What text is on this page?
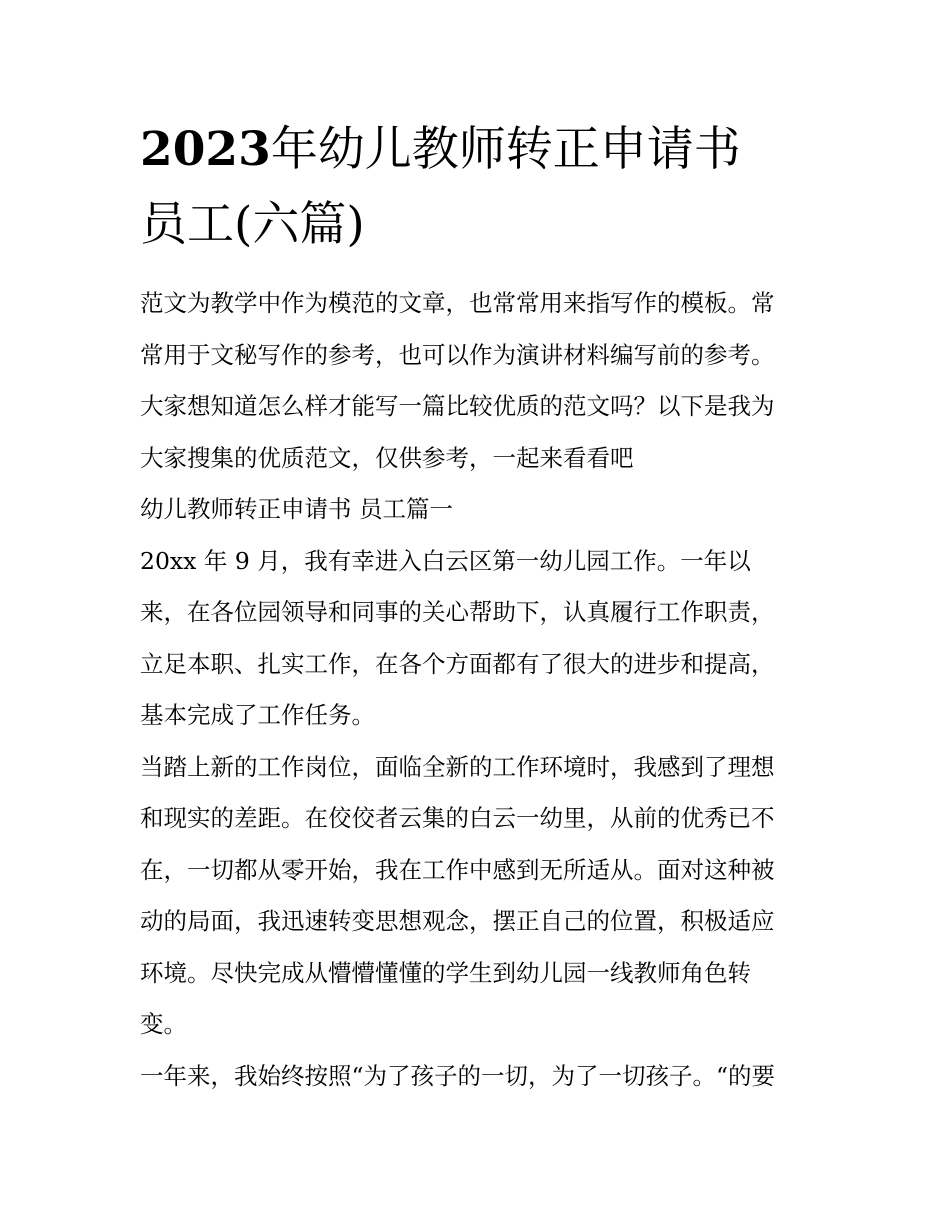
2023年幼儿教师转正申请书
员工(六篇)

范文为教学中作为模范的文章，也常常用来指写作的模板。常
常用于文秘写作的参考，也可以作为演讲材料编写前的参考。
大家想知道怎么样才能写一篇比较优质的范文吗？以下是我为
大家搜集的优质范文，仅供参考，一起来看看吧

幼儿教师转正申请书 员工篇一

20xx 年 9 月，我有幸进入白云区第一幼儿园工作。一年以
来，在各位园领导和同事的关心帮助下，认真履行工作职责，
立足本职、扎实工作，在各个方面都有了很大的进步和提高，
基本完成了工作任务。

当踏上新的工作岗位，面临全新的工作环境时，我感到了理想
和现实的差距。在佼佼者云集的白云一幼里，从前的优秀已不
在，一切都从零开始，我在工作中感到无所适从。面对这种被
动的局面，我迅速转变思想观念，摆正自己的位置，积极适应
环境。尽快完成从懵懵懂懂的学生到幼儿园一线教师角色转
变。

一年来，我始终按照“为了孩子的一切，为了一切孩子。“的要
